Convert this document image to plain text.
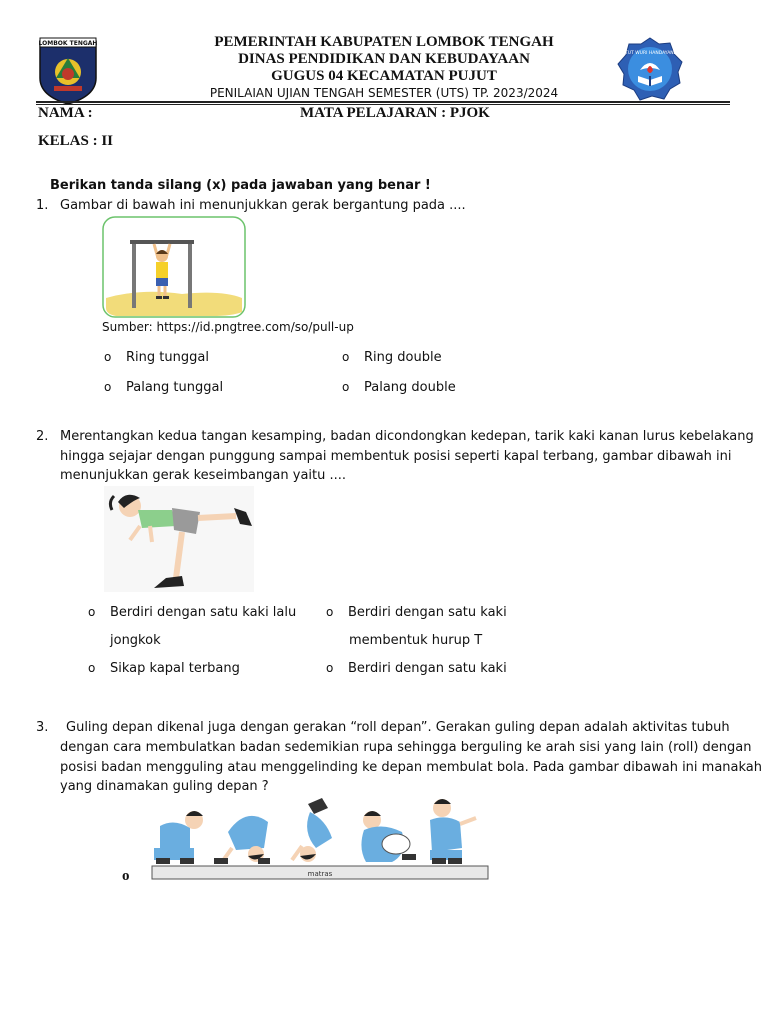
LOMBOK TENGAH
TUT WURI HANDAYANI
PEMERINTAH KABUPATEN LOMBOK TENGAH
DINAS PENDIDIKAN DAN KEBUDAYAAN
GUGUS 04 KECAMATAN PUJUT
PENILAIAN UJIAN TENGAH SEMESTER (UTS) TP. 2023/2024
NAMA :	MATA PELAJARAN : PJOK
KELAS : II
Berikan tanda silang (x) pada jawaban yang benar !
1. Gambar di bawah ini menunjukkan gerak bergantung pada ....
Sumber: https://id.pngtree.com/so/pull-up
o Ring tunggal	o Ring double
o Palang tunggal	o Palang double
2. Merentangkan kedua tangan kesamping, badan dicondongkan kedepan, tarik kaki kanan lurus kebelakang
hingga sejajar dengan punggung sampai membentuk posisi seperti kapal terbang, gambar dibawah ini
menunjukkan gerak keseimbangan yaitu ....
o Berdiri dengan satu kaki lalu
jongkok
o Berdiri dengan satu kaki
membentuk hurup T
o Sikap kapal terbang	o Berdiri dengan satu kaki
3. Guling depan dikenal juga dengan gerakan “roll depan”. Gerakan guling depan adalah aktivitas tubuh
dengan cara membulatkan badan sedemikian rupa sehingga berguling ke arah sisi yang lain (roll) dengan
posisi badan mengguling atau menggelinding ke depan membulat bola. Pada gambar dibawah ini manakah
yang dinamakan guling depan ?
matras
o
